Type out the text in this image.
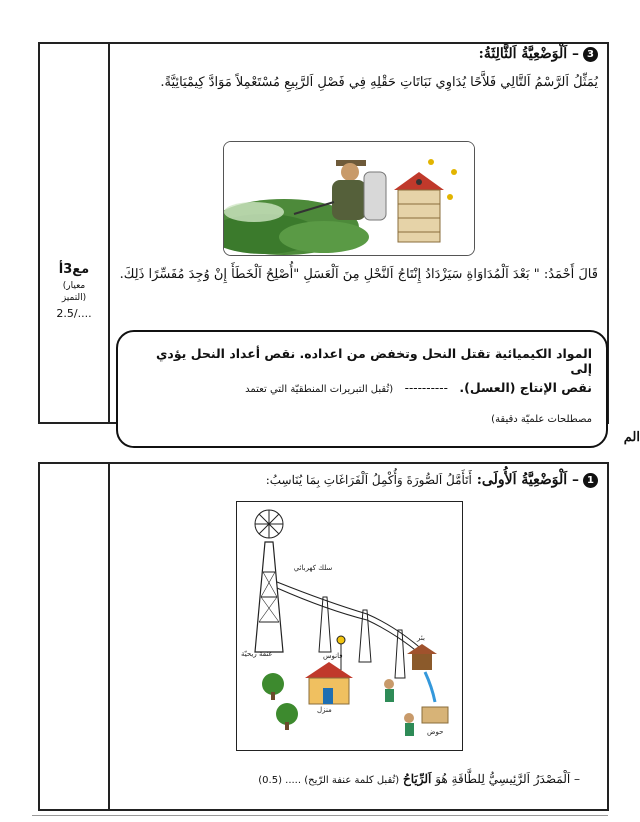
مع3أ
(معيار
التميز)
2.5/....
3– اَلْوَضْعِيَّةُ اَلثَّالِثَةُ:
يُمَثِّلُ اَلرَّسْمُ اَلتَّالِي فَلاَّحًا يُدَاوِي نَبَاتَاتِ حَقْلِهِ فِي فَصْلِ اَلرَّبِيعِ مُسْتَعْمِلاً مَوَادَّ كِيمْيَائِيَّةً.
قَالَ أَحْمَدُ: " بَعْدَ اَلْمُدَاوَاةِ سَيَزْدَادُ إِنْتَاجُ اَلنَّحْلِ مِنَ اَلْعَسَلِ "أُصْلِحُ اَلْخَطَأَ إِنْ وُجِدَ مُفَسِّرًا ذَلِكَ.
المواد الكيميائية تقتل النحل وتخفض من اعداده. نقص أعداد النحل يؤدي إلى
نقص الإنتاج (العسل).   ----------   (تُقبل التبريرات المنطقيّة التي تعتمد
مصطلحات علميّة دقيقة)
الم
1– اَلْوَضْعِيَّةُ اَلأُولَى: أَتَأَمَّلُ اَلصُّورَةَ وَأُكْمِلُ اَلْفَرَاغَاتِ بِمَا يُنَاسِبُ:
عنفة ريحيّة
سلك كهربائي
فانوس
منزل
بئر
حوض
– اَلْمَصْدَرُ اَلرَّئِيسِيُّ لِلطَّاقَةِ هُوَ اَلرِّيَاحُ (تُقبل كلمة عنفة الرّيح) ..... (0.5)
